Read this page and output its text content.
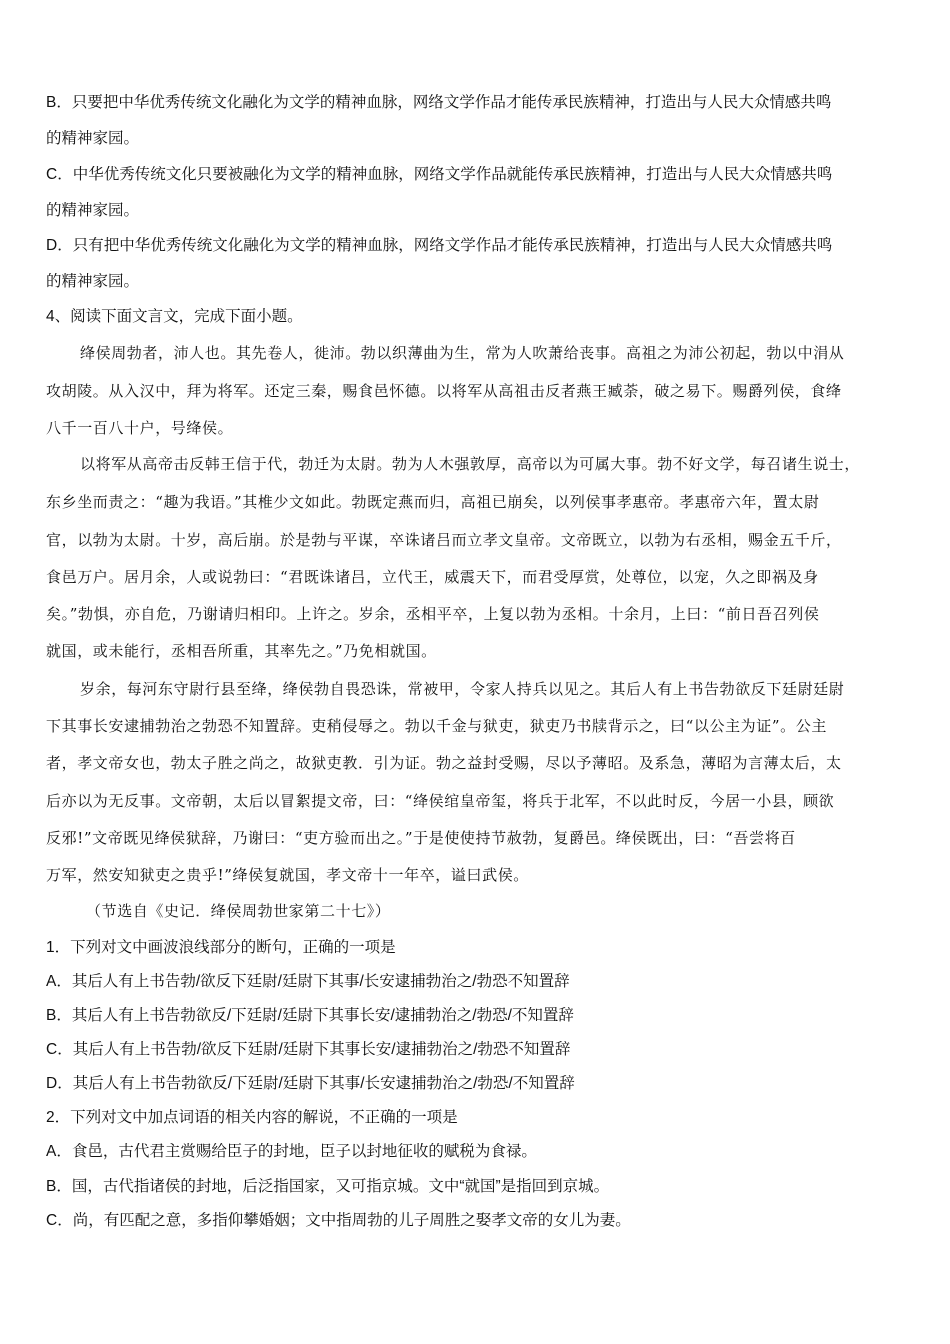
B．只要把中华优秀传统文化融化为文学的精神血脉，网络文学作品才能传承民族精神，打造出与人民大众情感共鸣
的精神家园。
C．中华优秀传统文化只要被融化为文学的精神血脉，网络文学作品就能传承民族精神，打造出与人民大众情感共鸣
的精神家园。
D．只有把中华优秀传统文化融化为文学的精神血脉，网络文学作品才能传承民族精神，打造出与人民大众情感共鸣
的精神家园。
4、阅读下面文言文，完成下面小题。
绛侯周勃者，沛人也。其先卷人，徙沛。勃以织薄曲为生，常为人吹萧给丧事。高祖之为沛公初起，勃以中涓从
攻胡陵。从入汉中，拜为将军。还定三秦，赐食邑怀德。以将军从高祖击反者燕王臧荼，破之易下。赐爵列侯，食绛
八千一百八十户，号绛侯。
以将军从高帝击反韩王信于代，勃迁为太尉。勃为人木强敦厚，高帝以为可属大事。勃不好文学，每召诸生说士，
东乡坐而责之：“趣为我语。”其椎少文如此。勃既定燕而归，高祖已崩矣，以列侯事孝惠帝。孝惠帝六年，置太尉
官，以勃为太尉。十岁，高后崩。於是勃与平谋，卒诛诸吕而立孝文皇帝。文帝既立，以勃为右丞相，赐金五千斤，
食邑万户。居月余，人或说勃曰：“君既诛诸吕，立代王，威震天下，而君受厚赏，处尊位，以宠，久之即祸及身
矣。”勃惧，亦自危，乃谢请归相印。上许之。岁余，丞相平卒，上复以勃为丞相。十余月，上曰：“前日吾召列侯
就国，或未能行，丞相吾所重，其率先之。”乃免相就国。
岁余，每河东守尉行县至绛，绛侯勃自畏恐诛，常被甲，令家人持兵以见之。其后人有上书告勃欲反下廷尉廷尉
下其事长安逮捕勃治之勃恐不知置辞。吏稍侵辱之。勃以千金与狱吏，狱吏乃书牍背示之，曰“以公主为证”。公主
者，孝文帝女也，勃太子胜之尚之，故狱吏教．引为证。勃之益封受赐，尽以予薄昭。及系急，薄昭为言薄太后，太
后亦以为无反事。文帝朝，太后以冒絮提文帝，曰：“绛侯绾皇帝玺，将兵于北军，不以此时反，今居一小县，顾欲
反邪!”文帝既见绛侯狱辞，乃谢曰：“吏方验而出之。”于是使使持节赦勃，复爵邑。绛侯既出，曰：“吾尝将百
万军，然安知狱吏之贵乎!”绛侯复就国，孝文帝十一年卒，谥曰武侯。
（节选自《史记．绛侯周勃世家第二十七》）
1．下列对文中画波浪线部分的断句，正确的一项是
A．其后人有上书告勃/欲反下廷尉/廷尉下其事/长安逮捕勃治之/勃恐不知置辞
B．其后人有上书告勃欲反/下廷尉/廷尉下其事长安/逮捕勃治之/勃恐/不知置辞
C．其后人有上书告勃/欲反下廷尉/廷尉下其事长安/逮捕勃治之/勃恐不知置辞
D．其后人有上书告勃欲反/下廷尉/廷尉下其事/长安逮捕勃治之/勃恐/不知置辞
2．下列对文中加点词语的相关内容的解说，不正确的一项是
A．食邑，古代君主赏赐给臣子的封地，臣子以封地征收的赋税为食禄。
B．国，古代指诸侯的封地，后泛指国家，又可指京城。文中“就国”是指回到京城。
C．尚，有匹配之意，多指仰攀婚姻；文中指周勃的儿子周胜之娶孝文帝的女儿为妻。
